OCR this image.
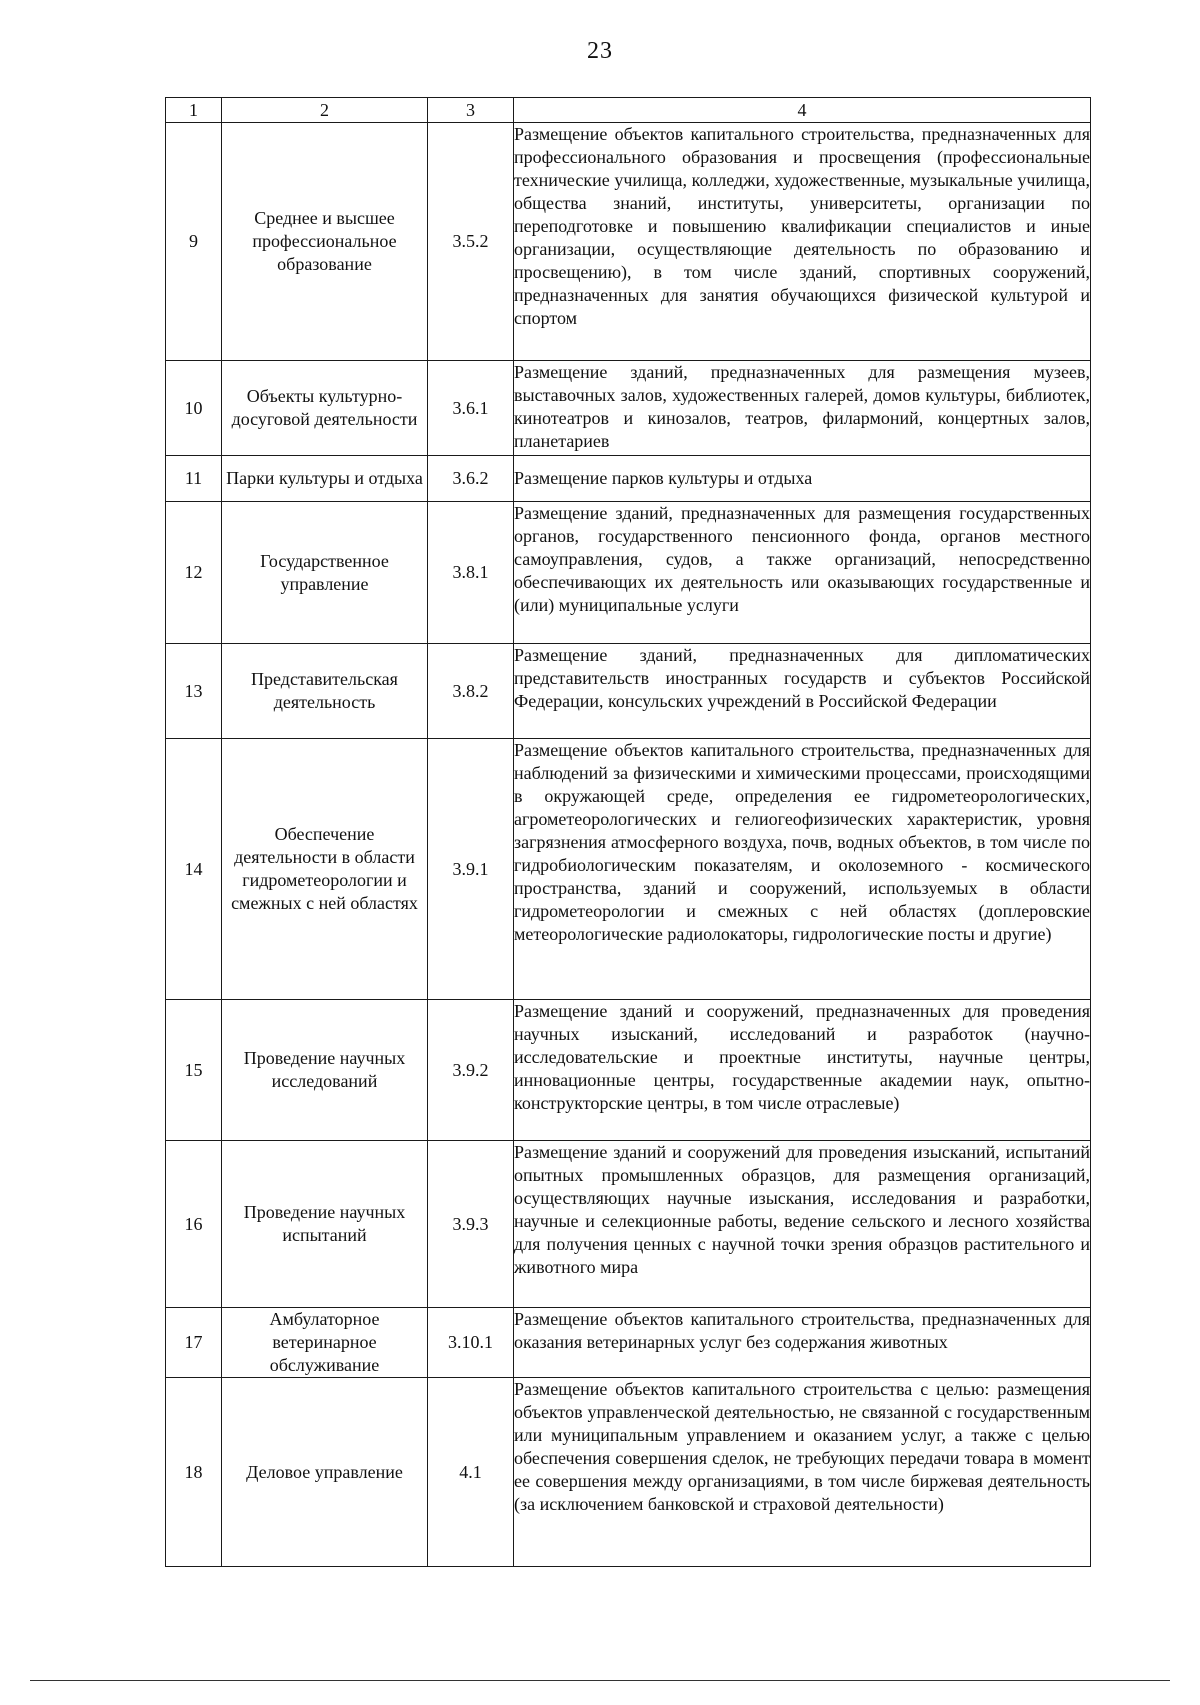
23
1	2	3	4
9	Среднее и высшее профессиональное образование	3.5.2	Размещение объектов капитального строительства, предназначенных для профессионального образования и просвещения (профессиональные технические училища, колледжи, художественные, музыкальные училища, общества знаний, институты, университеты, организации по переподготовке и повышению квалификации специалистов и иные организации, осуществляющие деятельность по образованию и просвещению), в том числе зданий, спортивных сооружений, предназначенных для занятия обучающихся физической культурой и спортом
10	Объекты культурно-досуговой деятельности	3.6.1	Размещение зданий, предназначенных для размещения музеев, выставочных залов, художественных галерей, домов культуры, библиотек, кинотеатров и кинозалов, театров, филармоний, концертных залов, планетариев
11	Парки культуры и отдыха	3.6.2	Размещение парков культуры и отдыха
12	Государственное управление	3.8.1	Размещение зданий, предназначенных для размещения государственных органов, государственного пенсионного фонда, органов местного самоуправления, судов, а также организаций, непосредственно обеспечивающих их деятельность или оказывающих государственные и (или) муниципальные услуги
13	Представительская деятельность	3.8.2	Размещение зданий, предназначенных для дипломатических представительств иностранных государств и субъектов Российской Федерации, консульских учреждений в Российской Федерации
14	Обеспечение деятельности в области гидрометеорологии и смежных с ней областях	3.9.1	Размещение объектов капитального строительства, предназначенных для наблюдений за физическими и химическими процессами, происходящими в окружающей среде, определения ее гидрометеорологических, агрометеорологических и гелиогеофизических характеристик, уровня загрязнения атмосферного воздуха, почв, водных объектов, в том числе по гидробиологическим показателям, и околоземного - космического пространства, зданий и сооружений, используемых в области гидрометеорологии и смежных с ней областях (доплеровские метеорологические радиолокаторы, гидрологические посты и другие)
15	Проведение научных исследований	3.9.2	Размещение зданий и сооружений, предназначенных для проведения научных изысканий, исследований и разработок (научно-исследовательские и проектные институты, научные центры, инновационные центры, государственные академии наук, опытно-конструкторские центры, в том числе отраслевые)
16	Проведение научных испытаний	3.9.3	Размещение зданий и сооружений для проведения изысканий, испытаний опытных промышленных образцов, для размещения организаций, осуществляющих научные изыскания, исследования и разработки, научные и селекционные работы, ведение сельского и лесного хозяйства для получения ценных с научной точки зрения образцов растительного и животного мира
17	Амбулаторное ветеринарное обслуживание	3.10.1	Размещение объектов капитального строительства, предназначенных для оказания ветеринарных услуг без содержания животных
18	Деловое управление	4.1	Размещение объектов капитального строительства с целью: размещения объектов управленческой деятельностью, не связанной с государственным или муниципальным управлением и оказанием услуг, а также с целью обеспечения совершения сделок, не требующих передачи товара в момент ее совершения между организациями, в том числе биржевая деятельность (за исключением банковской и страховой деятельности)
